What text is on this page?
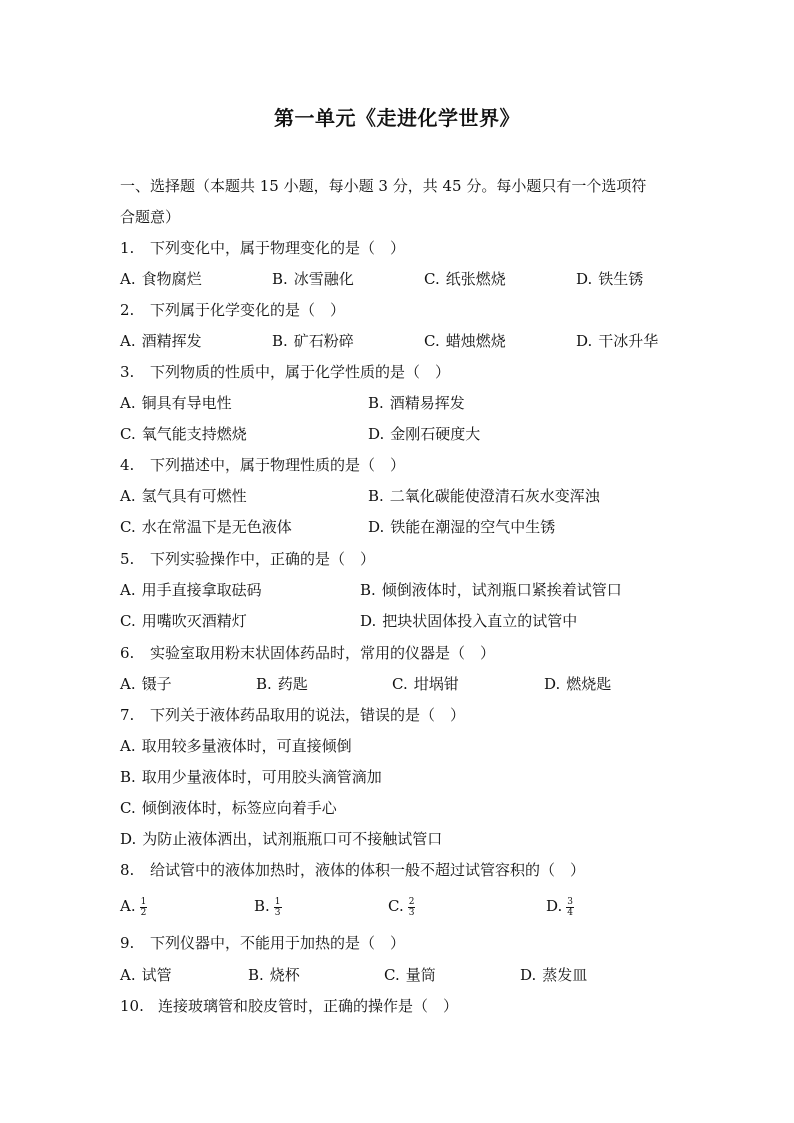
第一单元《走进化学世界》
一、选择题（本题共 15 小题，每小题 3 分，共 45 分。每小题只有一个选项符
合题意）
1. 下列变化中，属于物理变化的是（　）
A. 食物腐烂	B. 冰雪融化	C. 纸张燃烧	D. 铁生锈
2. 下列属于化学变化的是（　）
A. 酒精挥发	B. 矿石粉碎	C. 蜡烛燃烧	D. 干冰升华
3. 下列物质的性质中，属于化学性质的是（　）
A. 铜具有导电性	B. 酒精易挥发
C. 氧气能支持燃烧	D. 金刚石硬度大
4. 下列描述中，属于物理性质的是（　）
A. 氢气具有可燃性	B. 二氧化碳能使澄清石灰水变浑浊
C. 水在常温下是无色液体	D. 铁能在潮湿的空气中生锈
5. 下列实验操作中，正确的是（　）
A. 用手直接拿取砝码	B. 倾倒液体时，试剂瓶口紧挨着试管口
C. 用嘴吹灭酒精灯	D. 把块状固体投入直立的试管中
6. 实验室取用粉末状固体药品时，常用的仪器是（　）
A. 镊子	B. 药匙	C. 坩埚钳	D. 燃烧匙
7. 下列关于液体药品取用的说法，错误的是（　）
A. 取用较多量液体时，可直接倾倒
B. 取用少量液体时，可用胶头滴管滴加
C. 倾倒液体时，标签应向着手心
D. 为防止液体洒出，试剂瓶瓶口可不接触试管口
8. 给试管中的液体加热时，液体的体积一般不超过试管容积的（　）
A. $\frac{1}{2}$	B. $\frac{1}{3}$	C. $\frac{2}{3}$	D. $\frac{3}{4}$
9. 下列仪器中，不能用于加热的是（　）
A. 试管	B. 烧杯	C. 量筒	D. 蒸发皿
10. 连接玻璃管和胶皮管时，正确的操作是（　）
